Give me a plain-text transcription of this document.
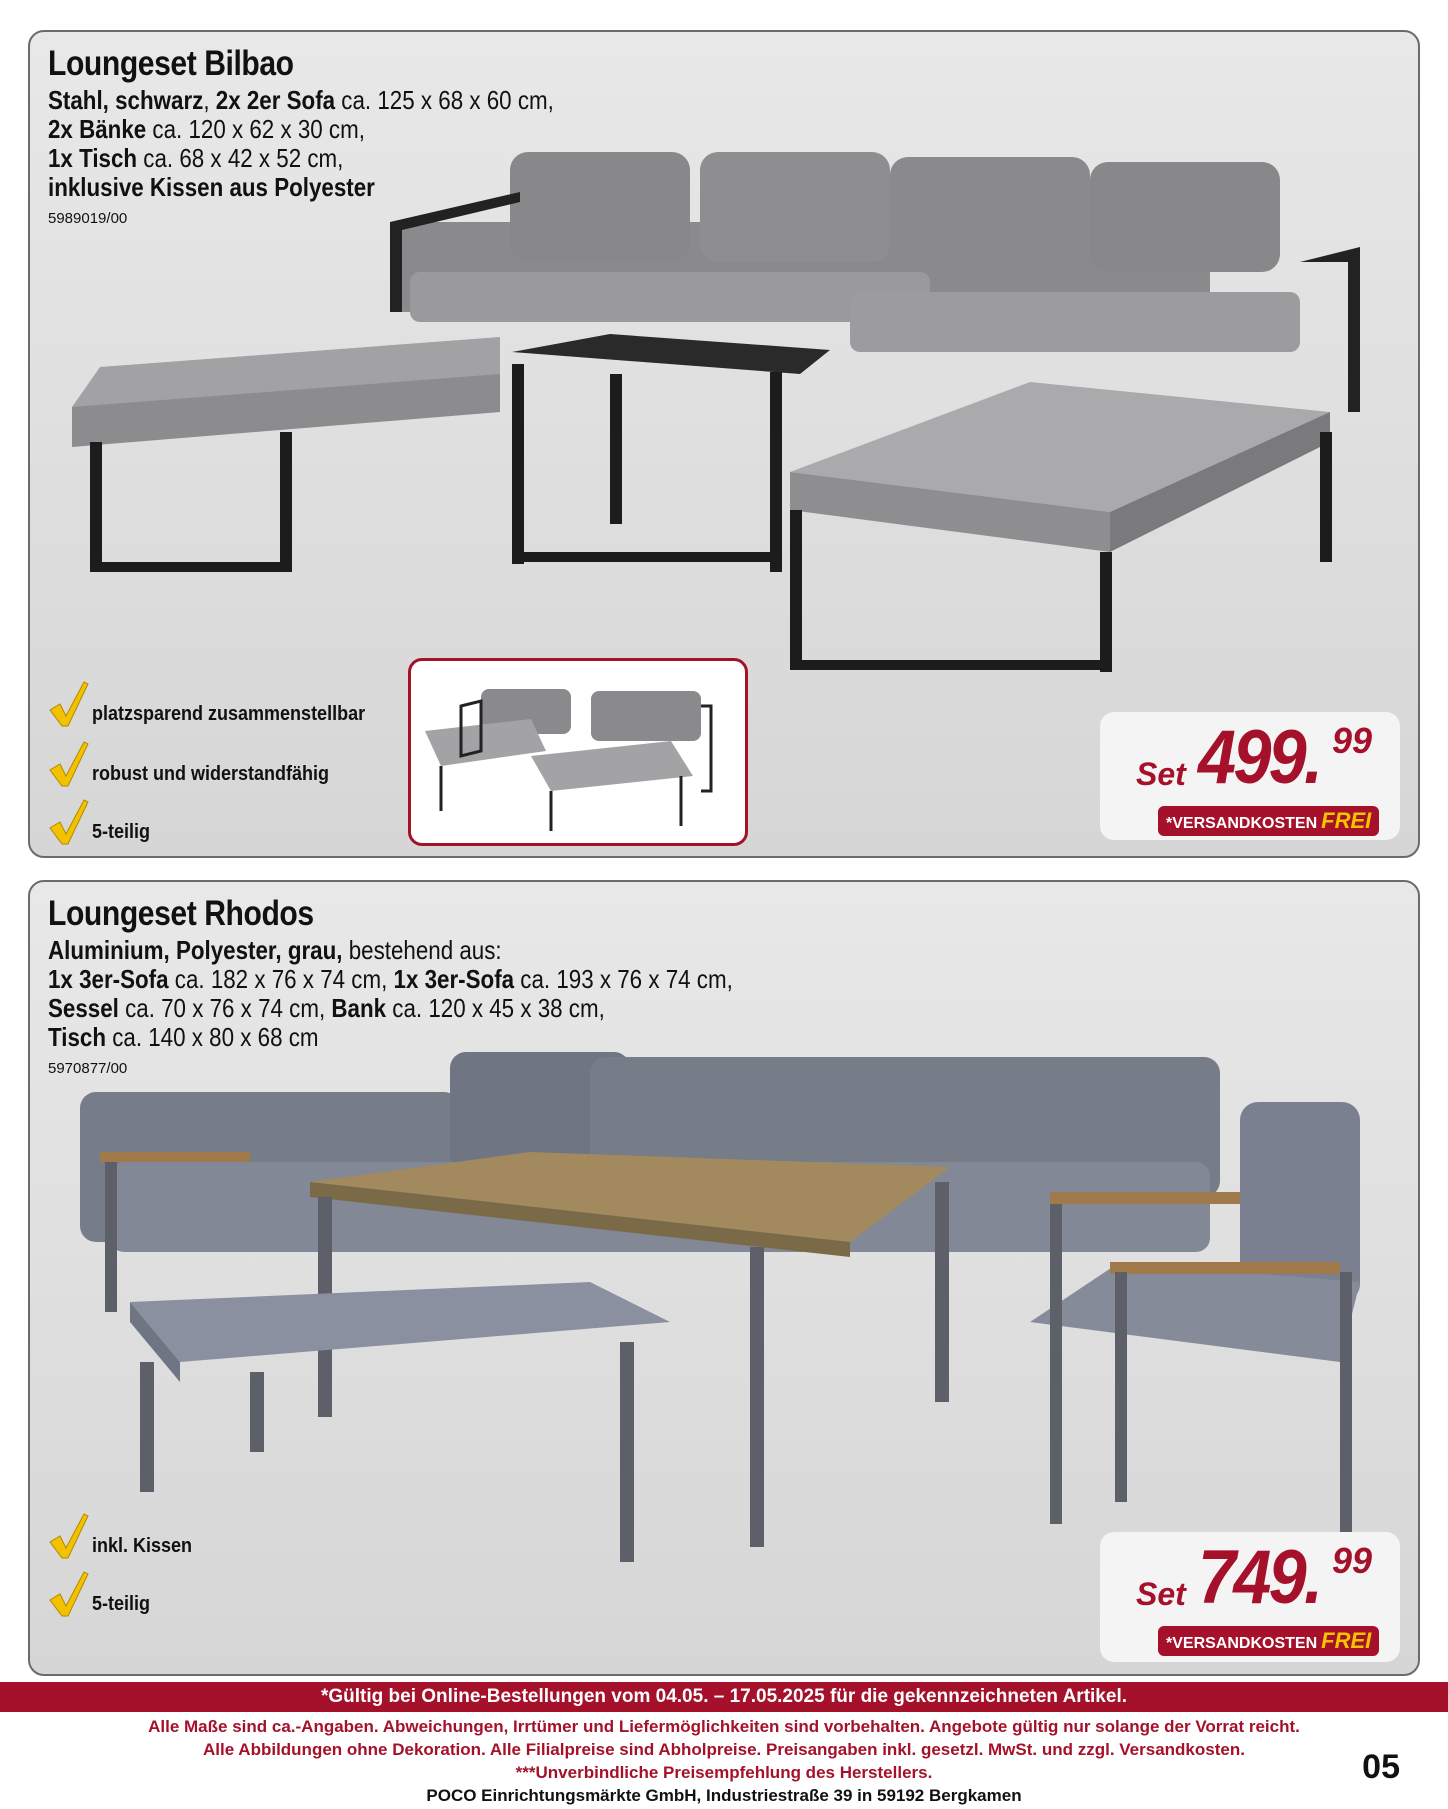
Loungeset Bilbao
Stahl, schwarz, 2x 2er Sofa ca. 125 x 68 x 60 cm,
2x Bänke ca. 120 x 62 x 30 cm,
1x Tisch ca. 68 x 42 x 52 cm,
inklusive Kissen aus Polyester
5989019/00
platzsparend zusammenstellbar
robust und widerstandfähig
5-teilig
Set 499. 99
*VERSANDKOSTEN FREI
Loungeset Rhodos
Aluminium, Polyester, grau, bestehend aus:
1x 3er-Sofa ca. 182 x 76 x 74 cm, 1x 3er-Sofa ca. 193 x 76 x 74 cm,
Sessel ca. 70 x 76 x 74 cm, Bank ca. 120 x 45 x 38 cm,
Tisch ca. 140 x 80 x 68 cm
5970877/00
inkl. Kissen
5-teilig	Set 749. 99
*VERSANDKOSTEN FREI
*Gültig bei Online-Bestellungen vom 04.05. – 17.05.2025 für die gekennzeichneten Artikel.
Alle Maße sind ca.-Angaben. Abweichungen, Irrtümer und Liefermöglichkeiten sind vorbehalten. Angebote gültig nur solange der Vorrat reicht.
Alle Abbildungen ohne Dekoration. Alle Filialpreise sind Abholpreise. Preisangaben inkl. gesetzl. MwSt. und zzgl. Versandkosten.
***Unverbindliche Preisempfehlung des Herstellers.
POCO Einrichtungsmärkte GmbH, Industriestraße 39 in 59192 Bergkamen
05
